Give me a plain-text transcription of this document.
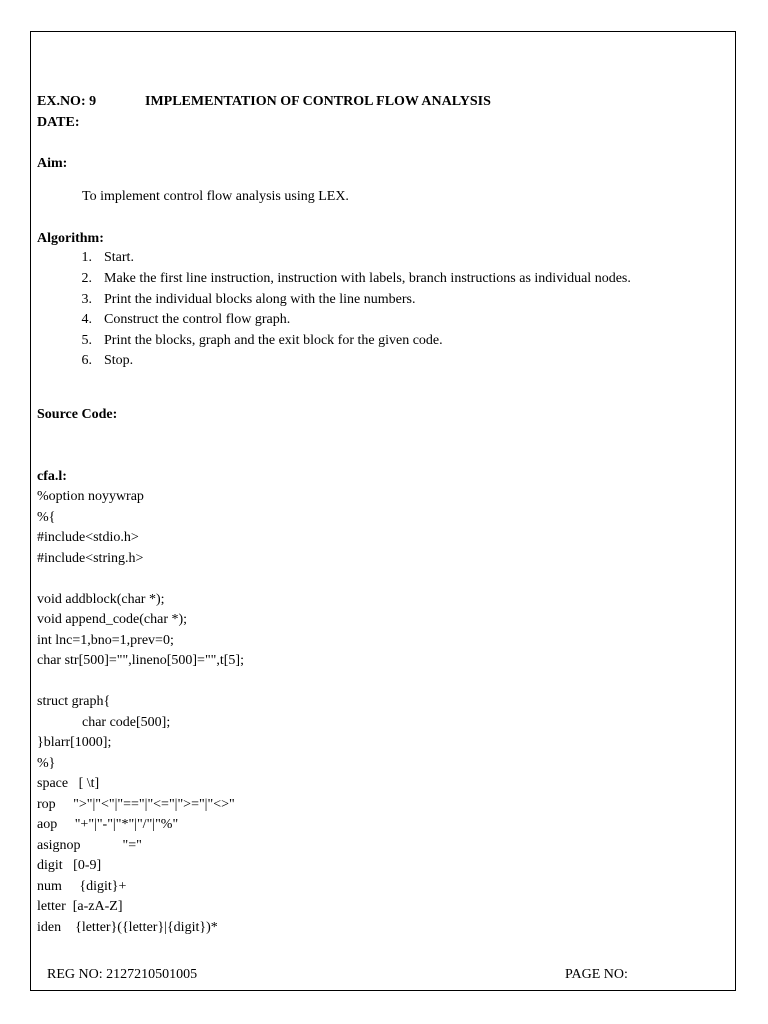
EX.NO: 9	IMPLEMENTATION OF CONTROL FLOW ANALYSIS
DATE:
Aim:
To implement control flow analysis using LEX.
Algorithm:
1. Start.
2. Make the first line instruction, instruction with labels, branch instructions as individual nodes.
3. Print the individual blocks along with the line numbers.
4. Construct the control flow graph.
5. Print the blocks, graph and the exit block for the given code.
6. Stop.
Source Code:
cfa.l:
%option noyywrap
%{
#include<stdio.h>
#include<string.h>
void addblock(char *);
void append_code(char *);
int lnc=1,bno=1,prev=0;
char str[500]="",lineno[500]="",t[5];
struct graph{
char code[500];
}blarr[1000];
%}
space   [ \t]
rop     ">"|"<"|"=="|"<="|">="|"<>"
aop     "+"|"-"|"*"|"/"|"%"
asignop            "="
digit   [0-9]
num     {digit}+
letter  [a-zA-Z]
iden    {letter}({letter}|{digit})*
REG NO: 2127210501005	PAGE NO:
